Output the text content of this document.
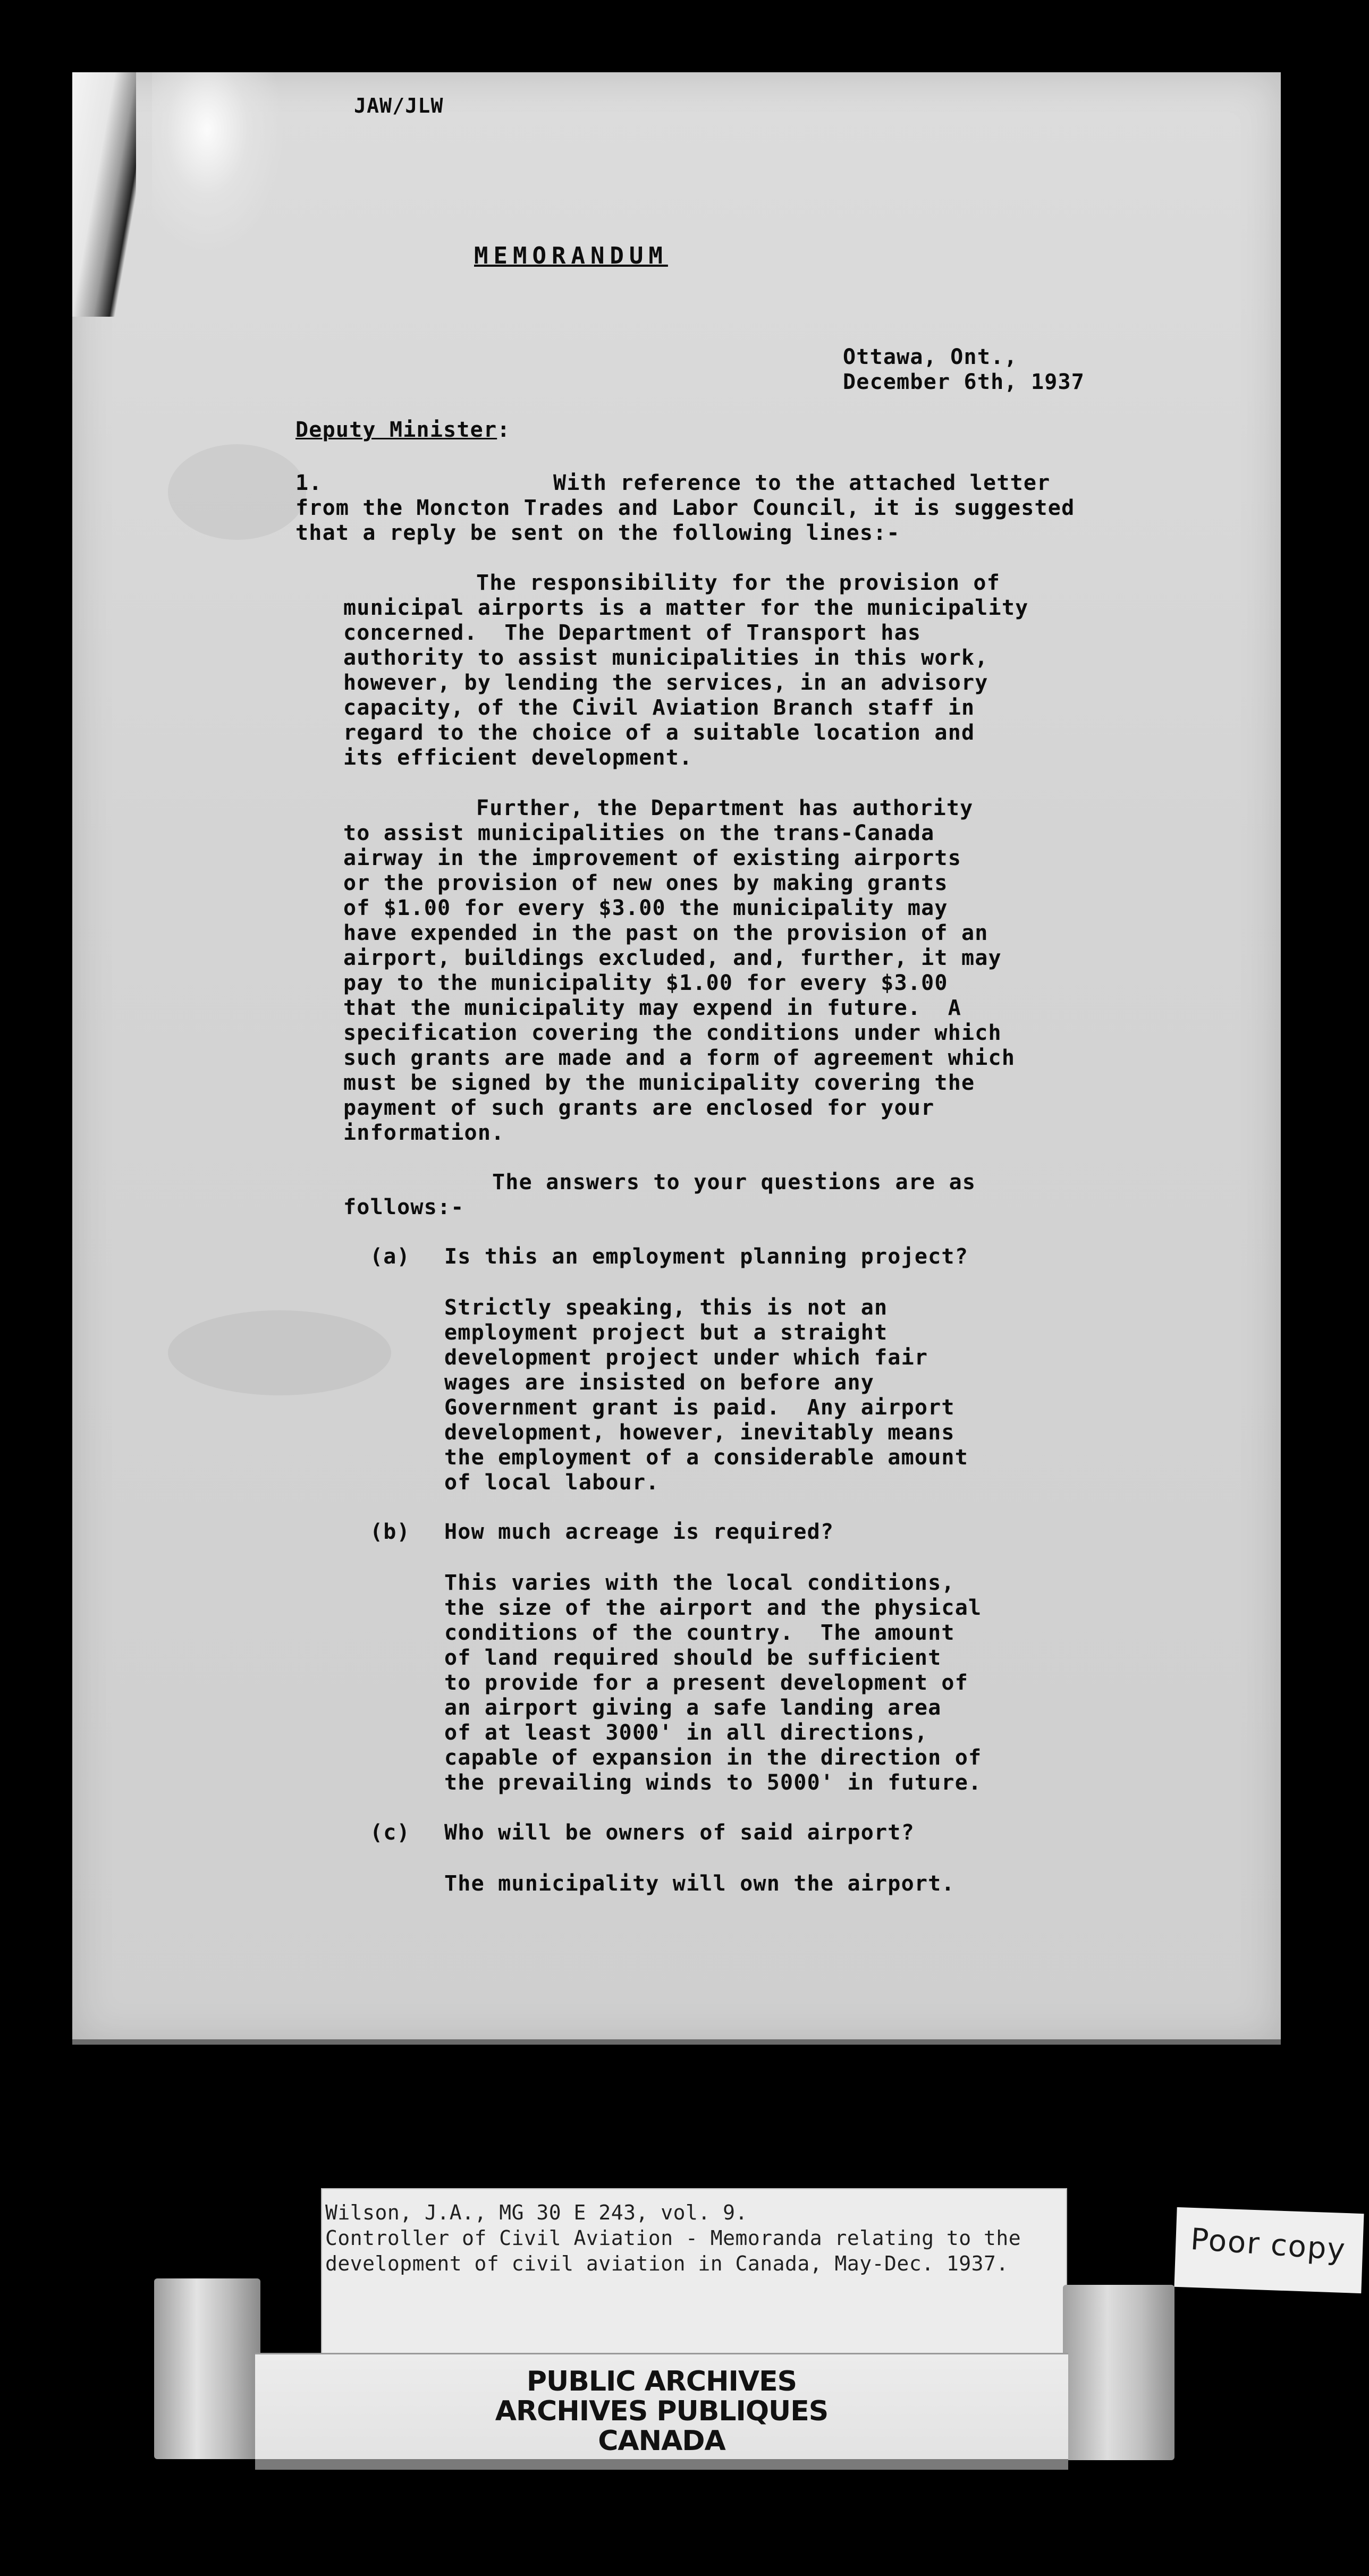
JAW/JLW
MEMORANDUM
Ottawa, Ont.,
December 6th, 1937
Deputy Minister:
1.	With reference to the attached letter
from the Moncton Trades and Labor Council, it is suggested
that a reply be sent on the following lines:-
The responsibility for the provision of
municipal airports is a matter for the municipality
concerned.  The Department of Transport has
authority to assist municipalities in this work,
however, by lending the services, in an advisory
capacity, of the Civil Aviation Branch staff in
regard to the choice of a suitable location and
its efficient development.
Further, the Department has authority
to assist municipalities on the trans-Canada
airway in the improvement of existing airports
or the provision of new ones by making grants
of $1.00 for every $3.00 the municipality may
have expended in the past on the provision of an
airport, buildings excluded, and, further, it may
pay to the municipality $1.00 for every $3.00
that the municipality may expend in future.  A
specification covering the conditions under which
such grants are made and a form of agreement which
must be signed by the municipality covering the
payment of such grants are enclosed for your
information.
The answers to your questions are as
follows:-
(a) Is this an employment planning project?
Strictly speaking, this is not an
employment project but a straight
development project under which fair
wages are insisted on before any
Government grant is paid.  Any airport
development, however, inevitably means
the employment of a considerable amount
of local labour.
(b) How much acreage is required?
This varies with the local conditions,
the size of the airport and the physical
conditions of the country.  The amount
of land required should be sufficient
to provide for a present development of
an airport giving a safe landing area
of at least 3000' in all directions,
capable of expansion in the direction of
the prevailing winds to 5000' in future.
(c) Who will be owners of said airport?
The municipality will own the airport.
Wilson, J.A., MG 30 E 243, vol. 9.
Controller of Civil Aviation - Memoranda relating to the
development of civil aviation in Canada, May-Dec. 1937.	Poor copy
PUBLIC ARCHIVES
ARCHIVES PUBLIQUES
CANADA
